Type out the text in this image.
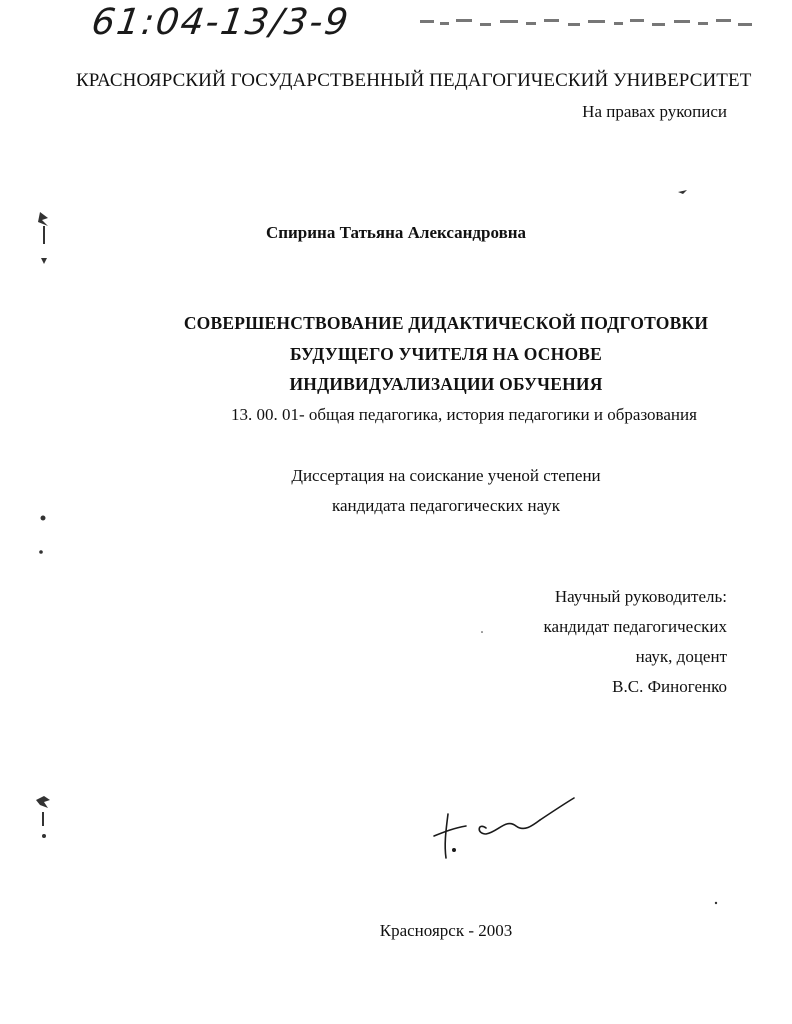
61:04-13/3-9
КРАСНОЯРСКИЙ ГОСУДАРСТВЕННЫЙ ПЕДАГОГИЧЕСКИЙ УНИВЕРСИТЕТ
На правах рукописи
Спирина Татьяна Александровна
СОВЕРШЕНСТВОВАНИЕ ДИДАКТИЧЕСКОЙ ПОДГОТОВКИ
БУДУЩЕГО УЧИТЕЛЯ НА ОСНОВЕ
ИНДИВИДУАЛИЗАЦИИ ОБУЧЕНИЯ
13. 00. 01- общая педагогика, история педагогики и образования
Диссертация на соискание ученой степени
кандидата педагогических наук
Научный руководитель:
кандидат педагогических
наук, доцент
В.С. Финогенко
Красноярск - 2003
